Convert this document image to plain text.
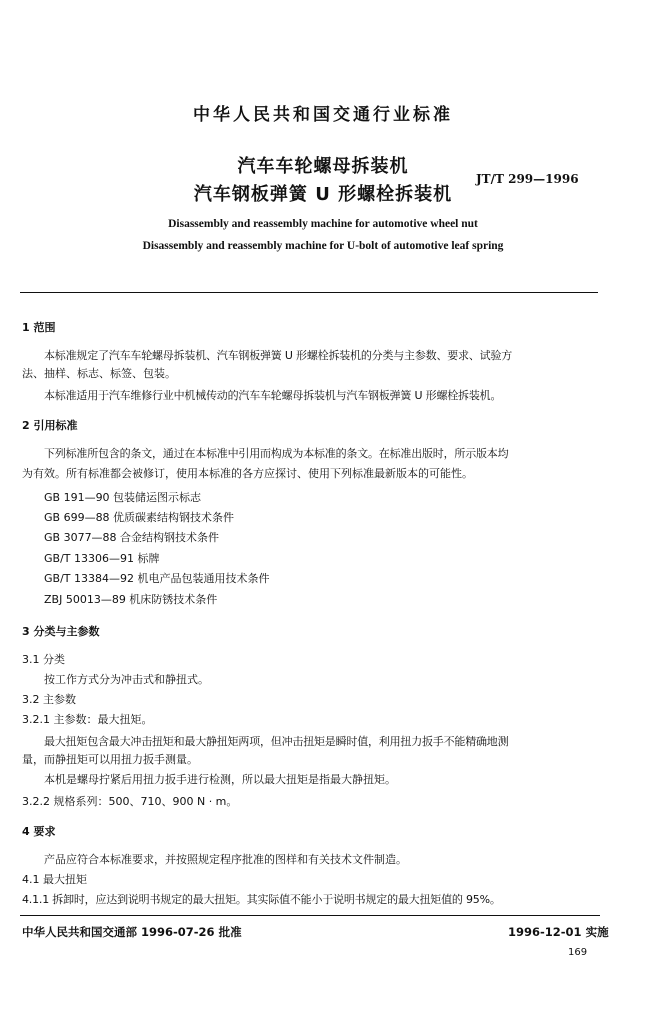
中华人民共和国交通行业标准
汽车车轮螺母拆装机
汽车钢板弹簧 U 形螺栓拆装机
JT/T 299—1996
Disassembly and reassembly machine for automotive wheel nut
Disassembly and reassembly machine for U-bolt of automotive leaf spring
1 范围
本标准规定了汽车车轮螺母拆装机、汽车钢板弹簧 U 形螺栓拆装机的分类与主参数、要求、试验方
法、抽样、标志、标签、包装。
本标准适用于汽车维修行业中机械传动的汽车车轮螺母拆装机与汽车钢板弹簧 U 形螺栓拆装机。
2 引用标准
下列标准所包含的条文，通过在本标准中引用而构成为本标准的条文。在标准出版时，所示版本均
为有效。所有标准都会被修订，使用本标准的各方应探讨、使用下列标准最新版本的可能性。
GB 191—90 包装储运图示标志
GB 699—88 优质碳素结构钢技术条件
GB 3077—88 合金结构钢技术条件
GB/T 13306—91 标牌
GB/T 13384—92 机电产品包装通用技术条件
ZBJ 50013—89 机床防锈技术条件
3 分类与主参数
3.1 分类
按工作方式分为冲击式和静扭式。
3.2 主参数
3.2.1 主参数：最大扭矩。
最大扭矩包含最大冲击扭矩和最大静扭矩两项，但冲击扭矩是瞬时值，利用扭力扳手不能精确地测
量，而静扭矩可以用扭力扳手测量。
本机是螺母拧紧后用扭力扳手进行检测，所以最大扭矩是指最大静扭矩。
3.2.2 规格系列：500、710、900 N · m。
4 要求
产品应符合本标准要求，并按照规定程序批准的图样和有关技术文件制造。
4.1 最大扭矩
4.1.1 拆卸时，应达到说明书规定的最大扭矩。其实际值不能小于说明书规定的最大扭矩值的 95%。
中华人民共和国交通部 1996-07-26 批准	1996-12-01 实施
169
